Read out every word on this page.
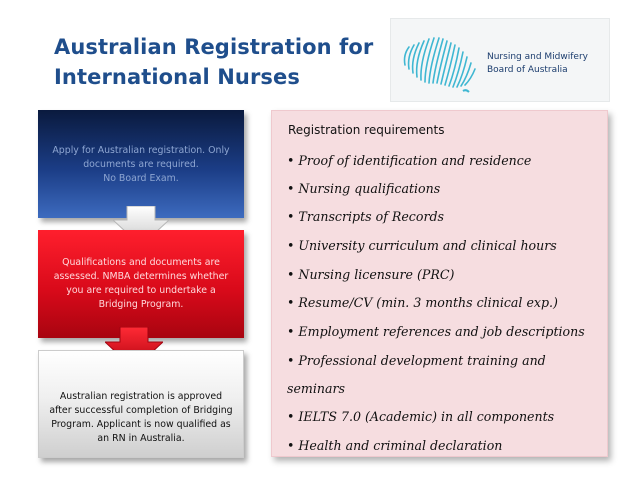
Australian Registration for
International Nurses
Nursing and Midwifery
Board of Australia
Apply for Australian registration. Only
documents are required.
No Board Exam.
Qualifications and documents are
assessed. NMBA determines whether
you are required to undertake a
Bridging Program.
Australian registration is approved
after successful completion of Bridging
Program. Applicant is now qualified as
an RN in Australia.
Registration requirements
• Proof of identification and residence
• Nursing qualifications
• Transcripts of Records
• University curriculum and clinical hours
• Nursing licensure (PRC)
• Resume/CV (min. 3 months clinical exp.)
• Employment references and job descriptions
• Professional development training and
seminars
• IELTS 7.0 (Academic) in all components
• Health and criminal declaration
